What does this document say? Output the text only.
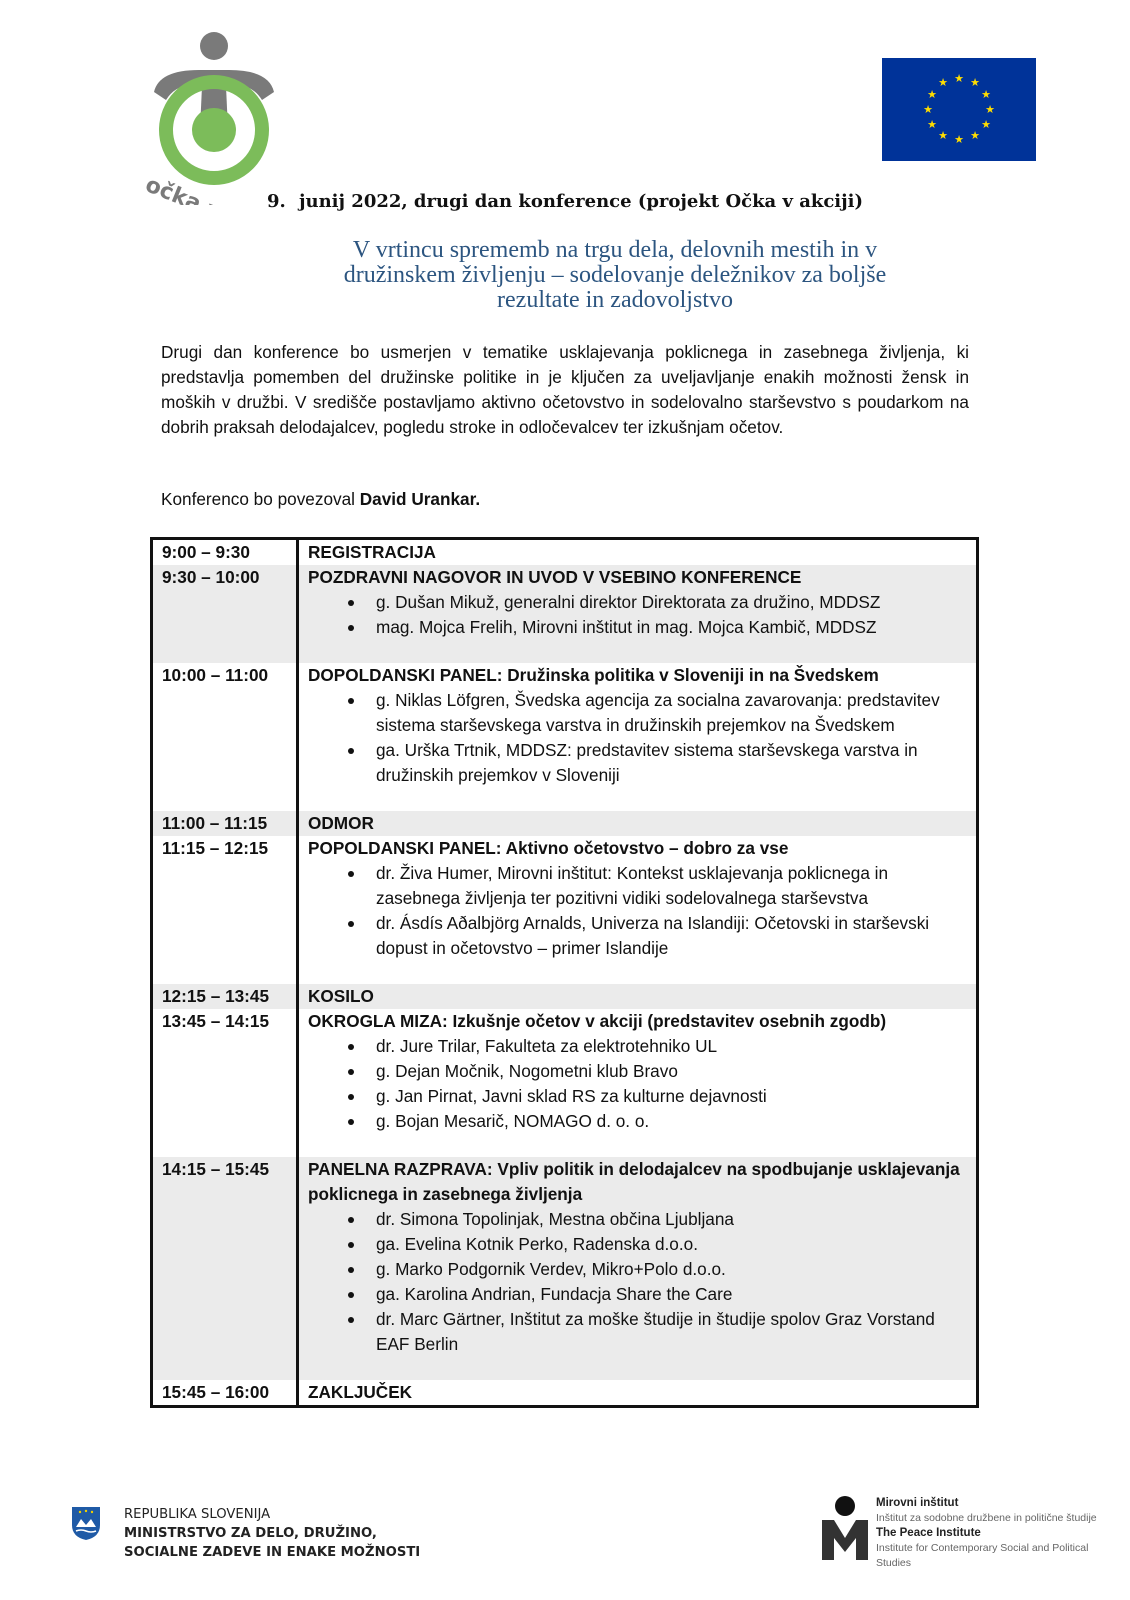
★ ★
★
★
★
★
★
★
★
★
★
★
9. junij 2022, drugi dan konference (projekt Očka v akciji)
V vrtincu sprememb na trgu dela, delovnih mestih in v
družinskem življenju – sodelovanje deležnikov za boljše
rezultate in zadovoljstvo
Drugi dan konference bo usmerjen v tematike usklajevanja poklicnega in zasebnega življenja, ki predstavlja pomemben del družinske politike in je ključen za uveljavljanje enakih možnosti žensk in moških v družbi. V središče postavljamo aktivno očetovstvo in sodelovalno starševstvo s poudarkom na dobrih praksah delodajalcev, pogledu stroke in odločevalcev ter izkušnjam očetov.
Konferenco bo povezoval David Urankar.
9:00 – 9:30	REGISTRACIJA
9:30 – 10:00	POZDRAVNI NAGOVOR IN UVOD V VSEBINO KONFERENCE
g. Dušan Mikuž, generalni direktor Direktorata za družino, MDDSZ
mag. Mojca Frelih, Mirovni inštitut in mag. Mojca Kambič, MDDSZ
10:00 – 11:00	DOPOLDANSKI PANEL: Družinska politika v Sloveniji in na Švedskem
g. Niklas Löfgren, Švedska agencija za socialna zavarovanja: predstavitev sistema starševskega varstva in družinskih prejemkov na Švedskem
ga. Urška Trtnik, MDDSZ: predstavitev sistema starševskega varstva in družinskih prejemkov v Sloveniji
11:00 – 11:15	ODMOR
11:15 – 12:15	POPOLDANSKI PANEL: Aktivno očetovstvo – dobro za vse
dr. Živa Humer, Mirovni inštitut: Kontekst usklajevanja poklicnega in zasebnega življenja ter pozitivni vidiki sodelovalnega starševstva
dr. Ásdís Aðalbjörg Arnalds, Univerza na Islandiji: Očetovski in starševski dopust in očetovstvo – primer Islandije
12:15 – 13:45	KOSILO
13:45 – 14:15	OKROGLA MIZA: Izkušnje očetov v akciji (predstavitev osebnih zgodb)
dr. Jure Trilar, Fakulteta za elektrotehniko UL
g. Dejan Močnik, Nogometni klub Bravo
g. Jan Pirnat, Javni sklad RS za kulturne dejavnosti
g. Bojan Mesarič, NOMAGO d. o. o.
14:15 – 15:45	PANELNA RAZPRAVA: Vpliv politik in delodajalcev na spodbujanje usklajevanja poklicnega in zasebnega življenja
dr. Simona Topolinjak, Mestna občina Ljubljana
ga. Evelina Kotnik Perko, Radenska d.o.o.
g. Marko Podgornik Verdev, Mikro+Polo d.o.o.
ga. Karolina Andrian, Fundacja Share the Care
dr. Marc Gärtner, Inštitut za moške študije in študije spolov Graz Vorstand EAF Berlin
15:45 – 16:00	ZAKLJUČEK
REPUBLIKA SLOVENIJA
MINISTRSTVO ZA DELO, DRUŽINO,
SOCIALNE ZADEVE IN ENAKE MOŽNOSTI
Mirovni inštitut
Inštitut za sodobne družbene in politične študije
The Peace Institute
Institute for Contemporary Social and Political Studies
